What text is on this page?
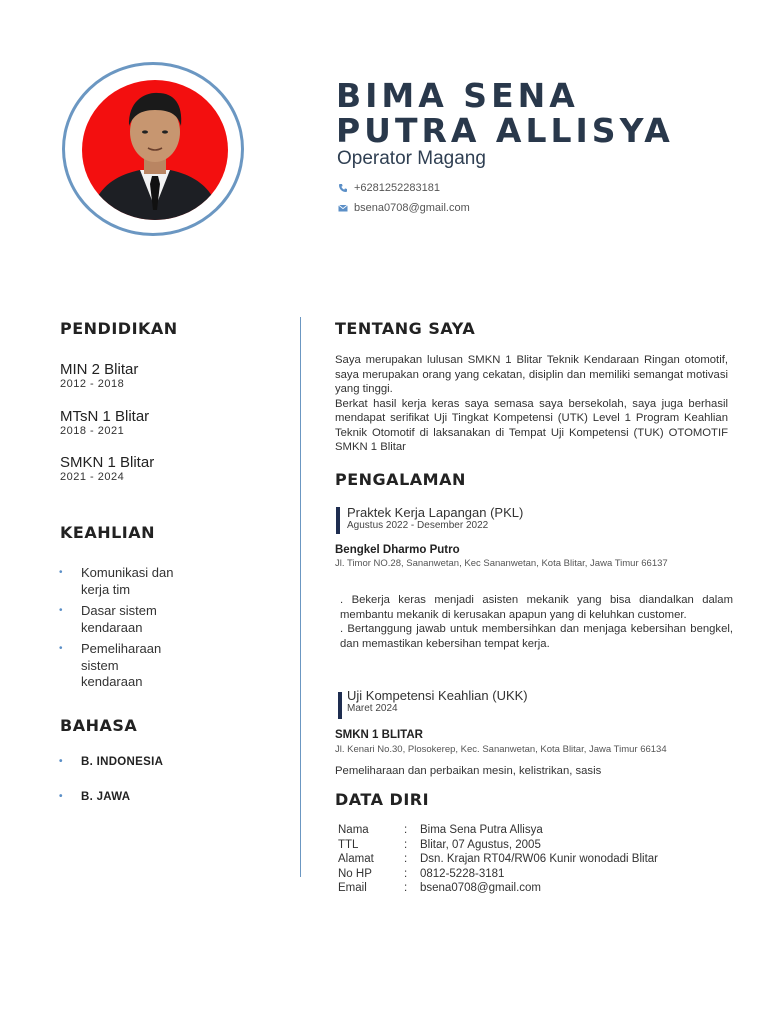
BIMA SENA
PUTRA ALLISYA
Operator Magang
+6281252283181
bsena0708@gmail.com
PENDIDIKAN
MIN 2 Blitar
2012 - 2018
MTsN 1 Blitar
2018 - 2021
SMKN 1 Blitar
2021 - 2024
KEAHLIAN
• Komunikasi dan kerja tim
• Dasar sistem kendaraan
• Pemeliharaan sistem kendaraan
BAHASA
• B. INDONESIA
• B. JAWA
TENTANG SAYA
Saya merupakan lulusan SMKN 1 Blitar Teknik Kendaraan Ringan otomotif, saya merupakan orang yang cekatan, disiplin dan memiliki semangat motivasi yang tinggi.
Berkat hasil kerja keras saya semasa saya bersekolah, saya juga berhasil mendapat serifikat Uji Tingkat Kompetensi (UTK) Level 1 Program Keahlian Teknik Otomotif di laksanakan di Tempat Uji Kompetensi (TUK) OTOMOTIF SMKN 1 Blitar
PENGALAMAN
Praktek Kerja Lapangan (PKL)
Agustus 2022 - Desember 2022
Bengkel Dharmo Putro
Jl. Timor NO.28, Sananwetan, Kec Sananwetan, Kota Blitar, Jawa Timur 66137
. Bekerja keras menjadi asisten mekanik yang bisa diandalkan dalam membantu mekanik di kerusakan apapun yang di keluhkan customer.
. Bertanggung jawab untuk membersihkan dan menjaga kebersihan bengkel, dan memastikan kebersihan tempat kerja.
Uji Kompetensi Keahlian (UKK)
Maret 2024
SMKN 1 BLITAR
Jl. Kenari No.30, Plosokerep, Kec. Sananwetan, Kota Blitar, Jawa Timur 66134
Pemeliharaan dan perbaikan mesin, kelistrikan, sasis
DATA DIRI
Nama	:	Bima Sena Putra Allisya
TTL	:	Blitar, 07 Agustus, 2005
Alamat	:	Dsn. Krajan RT04/RW06 Kunir wonodadi Blitar
No HP	:	0812-5228-3181
Email	:	bsena0708@gmail.com
